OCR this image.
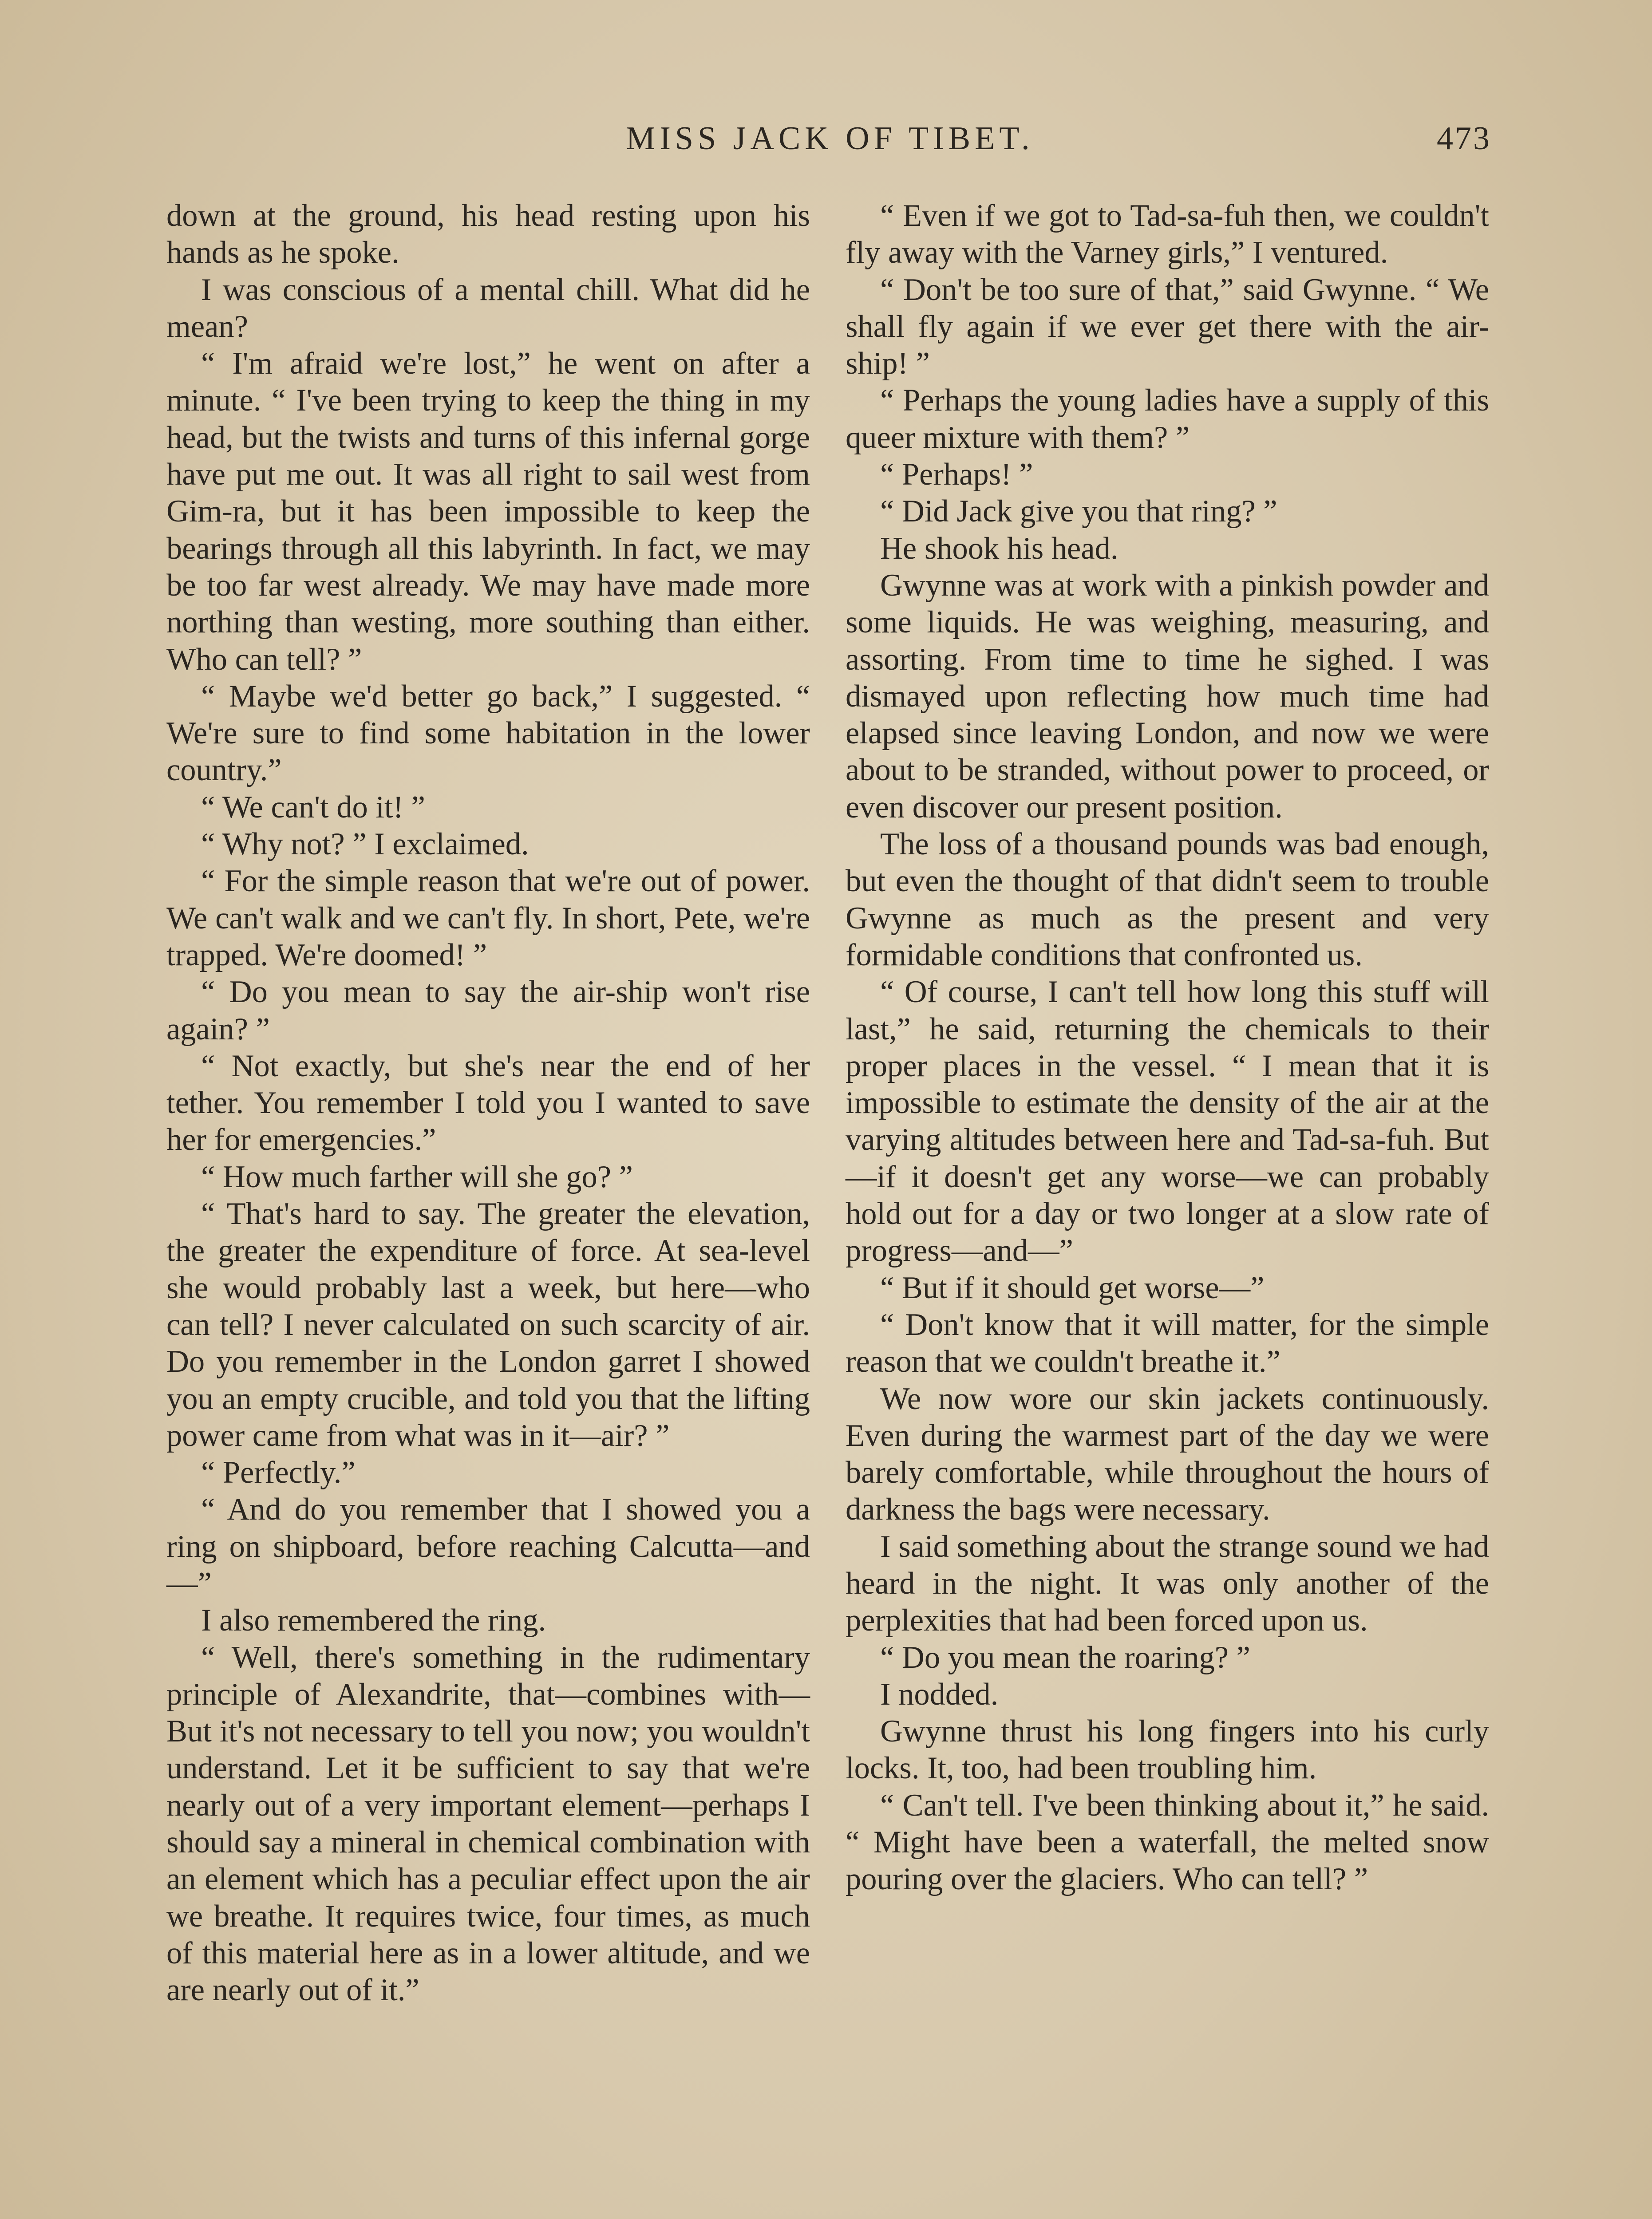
MISS JACK OF TIBET.	473

down at the ground, his head resting upon his hands as he spoke.

I was conscious of a mental chill. What did he mean?

“ I'm afraid we're lost,” he went on after a minute. “ I've been trying to keep the thing in my head, but the twists and turns of this infernal gorge have put me out. It was all right to sail west from Gim-ra, but it has been impossible to keep the bearings through all this labyrinth. In fact, we may be too far west already. We may have made more northing than westing, more southing than either. Who can tell? ”

“ Maybe we'd better go back,” I suggested. “ We're sure to find some habitation in the lower country.”

“ We can't do it! ”

“ Why not? ” I exclaimed.

“ For the simple reason that we're out of power. We can't walk and we can't fly. In short, Pete, we're trapped. We're doomed! ”

“ Do you mean to say the air-ship won't rise again? ”

“ Not exactly, but she's near the end of her tether. You remember I told you I wanted to save her for emergencies.”

“ How much farther will she go? ”

“ That's hard to say. The greater the elevation, the greater the expenditure of force. At sea-level she would probably last a week, but here—who can tell? I never calculated on such scarcity of air. Do you remember in the London garret I showed you an empty crucible, and told you that the lifting power came from what was in it—air? ”

“ Perfectly.”

“ And do you remember that I showed you a ring on shipboard, before reaching Calcutta—and—”

I also remembered the ring.

“ Well, there's something in the rudimentary principle of Alexandrite, that—combines with— But it's not necessary to tell you now; you wouldn't understand. Let it be sufficient to say that we're nearly out of a very important element—perhaps I should say a mineral in chemical combination with an element which has a peculiar effect upon the air we breathe. It requires twice, four times, as much of this material here as in a lower altitude, and we are nearly out of it.”

“ Even if we got to Tad-sa-fuh then, we couldn't fly away with the Varney girls,” I ventured.

“ Don't be too sure of that,” said Gwynne. “ We shall fly again if we ever get there with the air-ship! ”

“ Perhaps the young ladies have a supply of this queer mixture with them? ”

“ Perhaps! ”

“ Did Jack give you that ring? ”

He shook his head.

Gwynne was at work with a pinkish powder and some liquids. He was weighing, measuring, and assorting. From time to time he sighed. I was dismayed upon reflecting how much time had elapsed since leaving London, and now we were about to be stranded, without power to proceed, or even discover our present position.

The loss of a thousand pounds was bad enough, but even the thought of that didn't seem to trouble Gwynne as much as the present and very formidable conditions that confronted us.

“ Of course, I can't tell how long this stuff will last,” he said, returning the chemicals to their proper places in the vessel. “ I mean that it is impossible to estimate the density of the air at the varying altitudes between here and Tad-sa-fuh. But—if it doesn't get any worse—we can probably hold out for a day or two longer at a slow rate of progress—and—”

“ But if it should get worse—”

“ Don't know that it will matter, for the simple reason that we couldn't breathe it.”

We now wore our skin jackets continuously. Even during the warmest part of the day we were barely comfortable, while throughout the hours of darkness the bags were necessary.

I said something about the strange sound we had heard in the night. It was only another of the perplexities that had been forced upon us.

“ Do you mean the roaring? ”

I nodded.

Gwynne thrust his long fingers into his curly locks. It, too, had been troubling him.

“ Can't tell. I've been thinking about it,” he said. “ Might have been a waterfall, the melted snow pouring over the glaciers. Who can tell? ”
